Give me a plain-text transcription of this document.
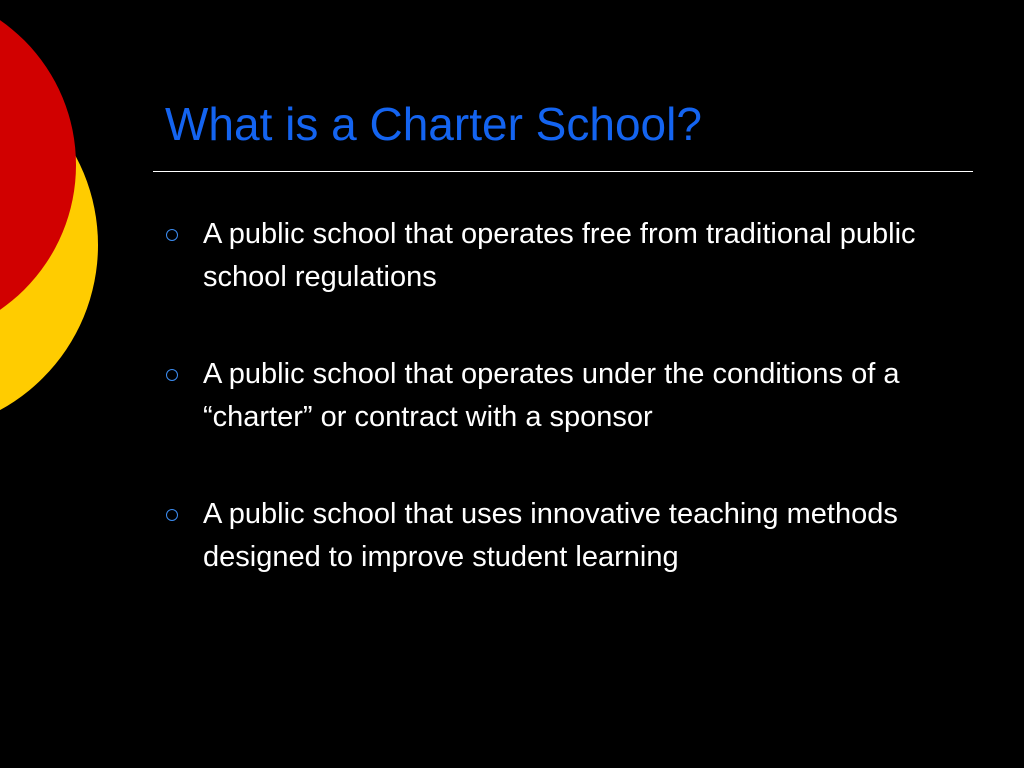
What is a Charter School?
A public school that operates free from traditional public school regulations
A public school that operates under the conditions of a “charter” or contract with a sponsor
A public school that uses innovative teaching methods designed to improve student learning
